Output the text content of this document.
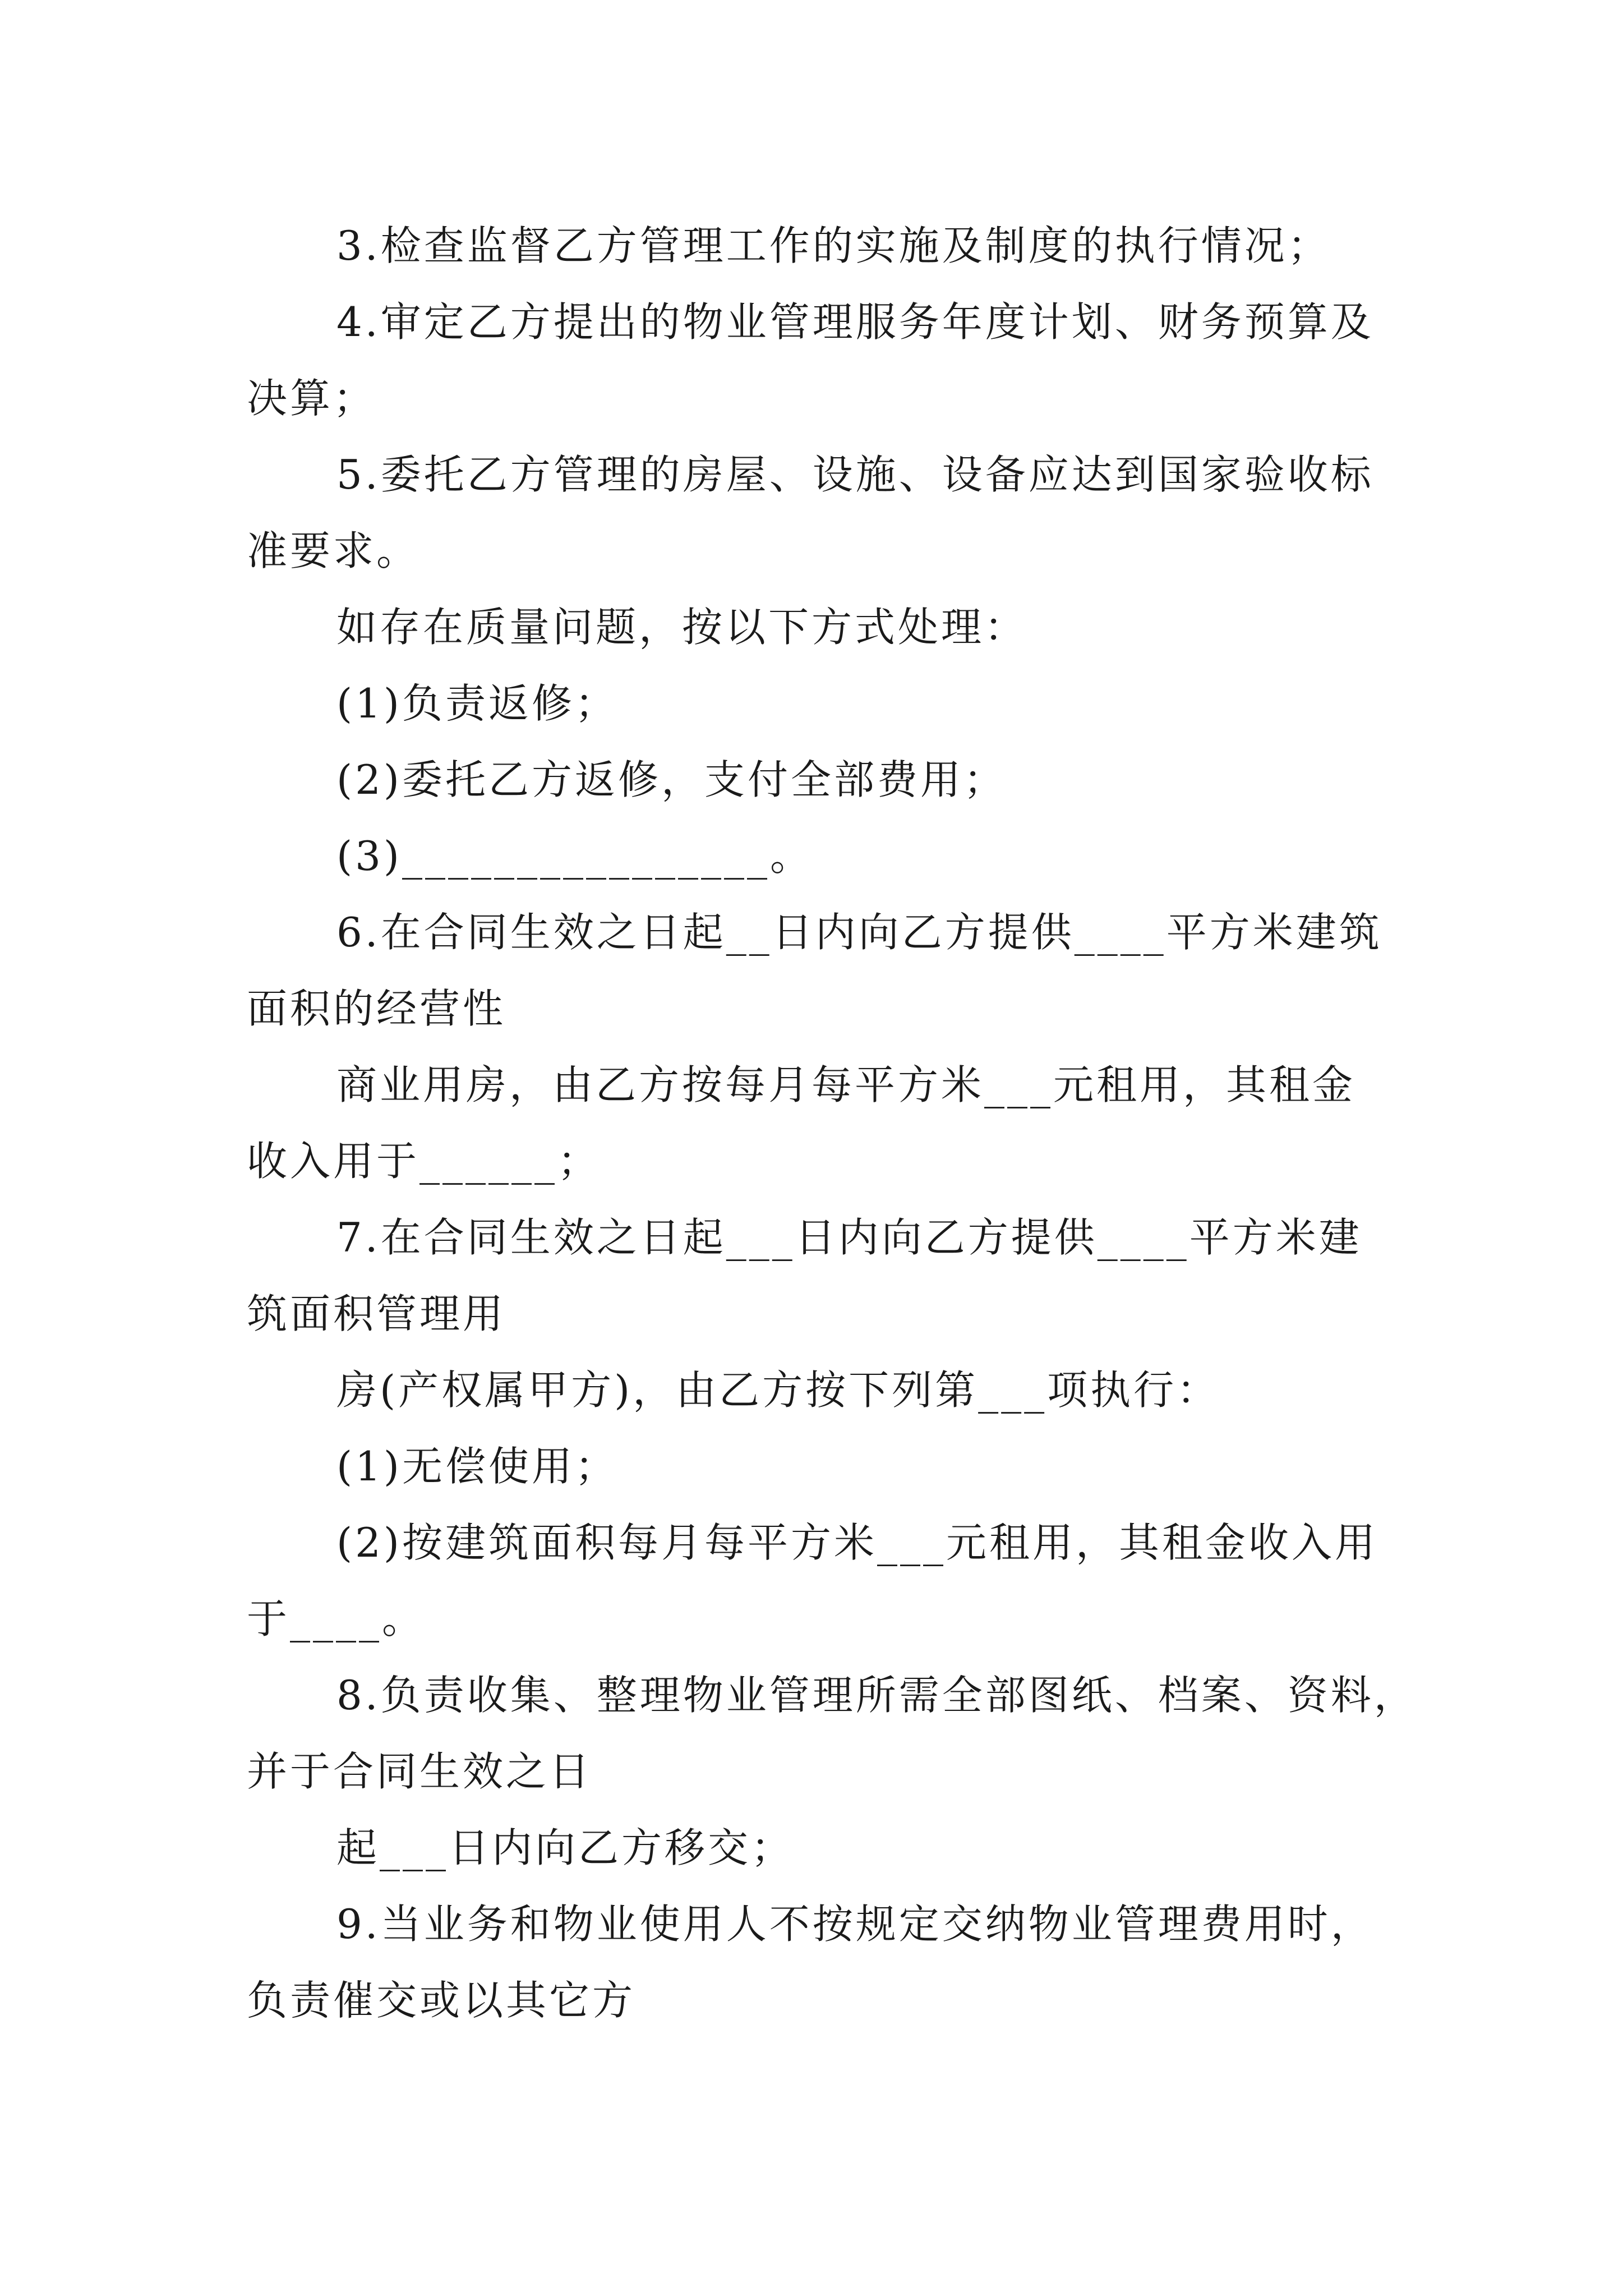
3.检查监督乙方管理工作的实施及制度的执行情况；
4.审定乙方提出的物业管理服务年度计划、财务预算及
决算；
5.委托乙方管理的房屋、设施、设备应达到国家验收标
准要求。
如存在质量问题，按以下方式处理：
(1)负责返修；
(2)委托乙方返修，支付全部费用；
(3)________________。
6.在合同生效之日起__日内向乙方提供____平方米建筑
面积的经营性
商业用房，由乙方按每月每平方米___元租用，其租金
收入用于______；
7.在合同生效之日起___日内向乙方提供____平方米建
筑面积管理用
房(产权属甲方)，由乙方按下列第___项执行：
(1)无偿使用；
(2)按建筑面积每月每平方米___元租用，其租金收入用
于____。
8.负责收集、整理物业管理所需全部图纸、档案、资料，
并于合同生效之日
起___日内向乙方移交；
9.当业务和物业使用人不按规定交纳物业管理费用时，
负责催交或以其它方
